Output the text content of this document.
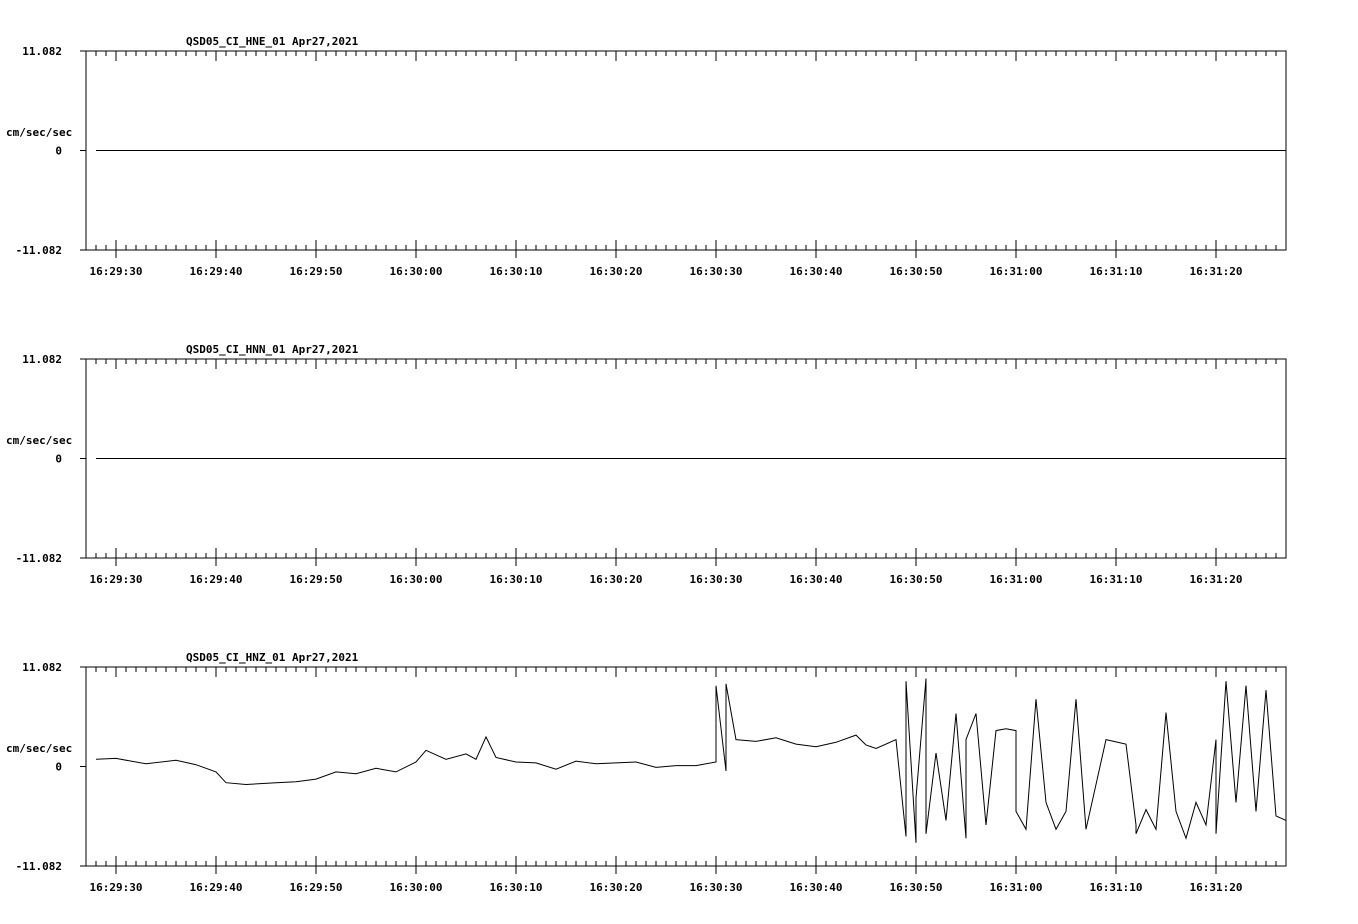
QSD05_CI_HNE_01 Apr27,2021
cm/sec/sec
11.082
0
-11.082
16:29:30	16:29:40	16:29:50	16:30:00	16:30:10	16:30:20	16:30:30	16:30:40	16:30:50	16:31:00	16:31:10	16:31:20
QSD05_CI_HNN_01 Apr27,2021
cm/sec/sec
11.082
0
-11.082
16:29:30	16:29:40	16:29:50	16:30:00	16:30:10	16:30:20	16:30:30	16:30:40	16:30:50	16:31:00	16:31:10	16:31:20
QSD05_CI_HNZ_01 Apr27,2021
cm/sec/sec
11.082
0
-11.082
16:29:30	16:29:40	16:29:50	16:30:00	16:30:10	16:30:20	16:30:30	16:30:40	16:30:50	16:31:00	16:31:10	16:31:20
